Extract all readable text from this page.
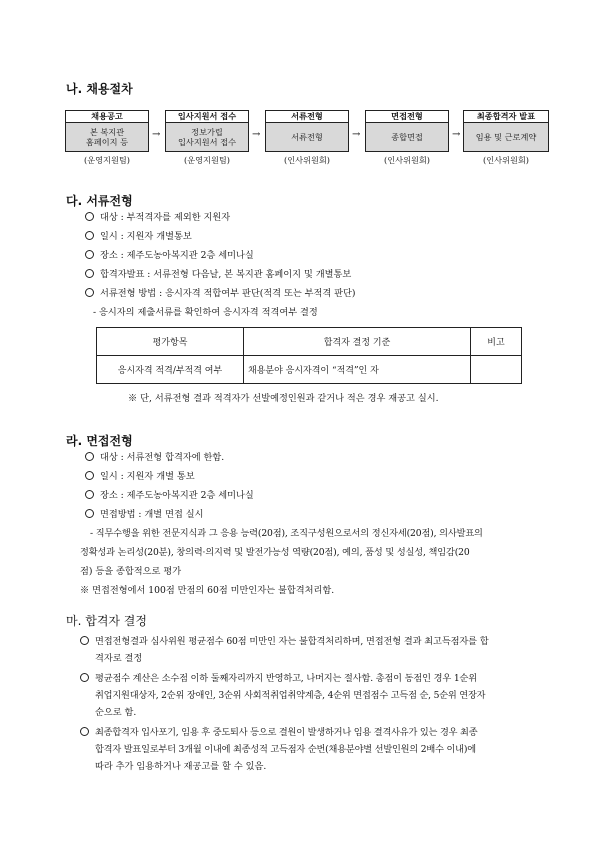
나. 채용절차
채용공고
본 복지관
홈페이지 등
(운영지원팀)
→
입사지원서 접수
정보가립
입사지원서 접수
(운영지원팀)
→
서류전형
서류전형
(인사위원회)
→
면접전형
종합면접
(인사위원회)
→
최종합격자 발표
임용 및 근로계약
(인사위원회)
다. 서류전형
대상 : 부적격자를 제외한 지원자
일시 : 지원자 개별통보
장소 : 제주도농아복지관 2층 세미나실
합격자발표 : 서류전형 다음날, 본 복지관 홈페이지 및 개별통보
서류전형 방법 : 응시자격 적합여부 판단(적격 또는 부적격 판단)
- 응시자의 제출서류를 확인하여 응시자격 적격여부 결정
평가항목	합격자 결정 기준	비고
응시자격 적격/부적격 여부	채용분야 응시자격이 “적격”인 자	
※ 단, 서류전형 결과 적격자가 선발예정인원과 같거나 적은 경우 재공고 실시.
라. 면접전형
대상 : 서류전형 합격자에 한함.
일시 : 지원자 개별 통보
장소 : 제주도농아복지관 2층 세미나실
면접방법 : 개별 면접 실시
- 직무수행을 위한 전문지식과 그 응용 능력(20점), 조직구성원으로서의 정신자세(20점), 의사발표의
정확성과 논리성(20분), 창의력·의지력 및 발전가능성 역량(20점), 예의, 품성 및 성실성, 책임감(20
점) 등을 종합적으로 평가
※ 면접전형에서 100점 만점의 60점 미만인자는 불합격처리함.
마. 합격자 결정
면접전형결과 심사위원 평균점수 60점 미만인 자는 불합격처리하며, 면접전형 결과 최고득점자를 합
격자로 결정
평균점수 계산은 소수점 이하 둘째자리까지 반영하고, 나머지는 절사함. 총점이 동점인 경우 1순위
취업지원대상자, 2순위 장애인, 3순위 사회적취업취약계층, 4순위 면접점수 고득점 순, 5순위 연장자
순으로 함.
최종합격자 입사포기, 임용 후 중도퇴사 등으로 결원이 발생하거나 임용 결격사유가 있는 경우 최종
합격자 발표일로부터 3개월 이내에 최종성적 고득점자 순번(채용분야별 선발인원의 2배수 이내)에
따라 추가 임용하거나 재공고를 할 수 있음.
